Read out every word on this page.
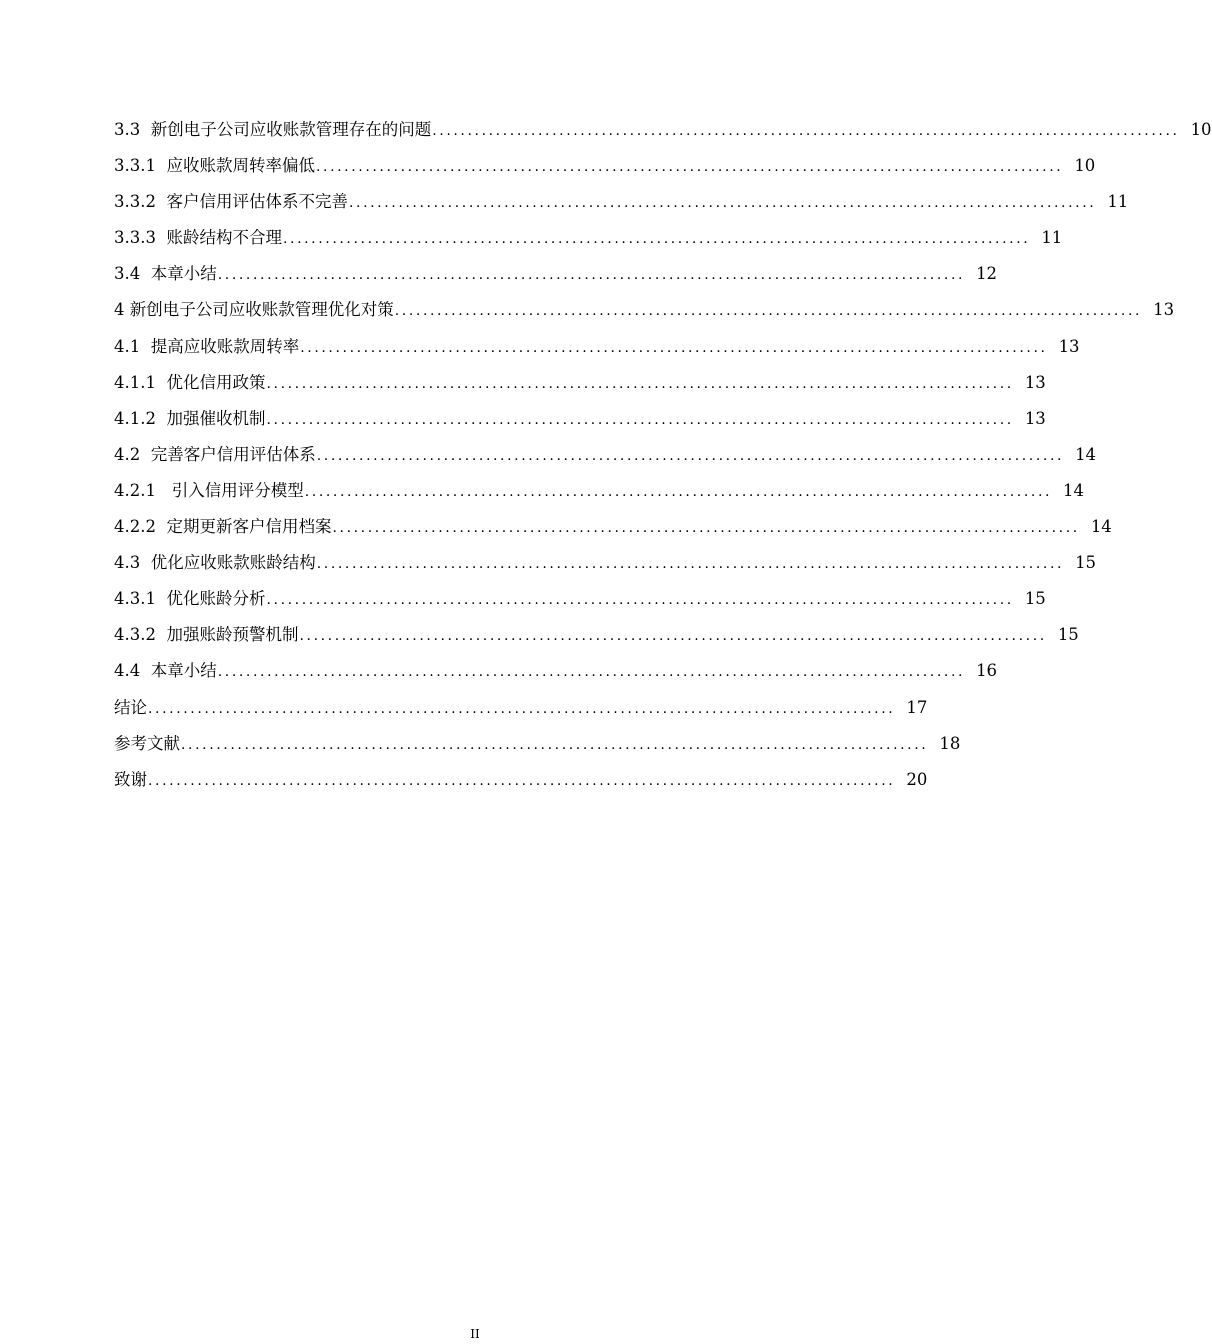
3.3  新创电子公司应收账款管理存在的问题 .......................................................................................................... 10
3.3.1  应收账款周转率偏低 .......................................................................................................... 10
3.3.2  客户信用评估体系不完善 .......................................................................................................... 11
3.3.3  账龄结构不合理 .......................................................................................................... 11
3.4  本章小结 .......................................................................................................... 12
4 新创电子公司应收账款管理优化对策 .......................................................................................................... 13
4.1  提高应收账款周转率 .......................................................................................................... 13
4.1.1  优化信用政策 .......................................................................................................... 13
4.1.2  加强催收机制 .......................................................................................................... 13
4.2  完善客户信用评估体系 .......................................................................................................... 14
4.2.1   引入信用评分模型 .......................................................................................................... 14
4.2.2  定期更新客户信用档案 .......................................................................................................... 14
4.3  优化应收账款账龄结构 .......................................................................................................... 15
4.3.1  优化账龄分析 .......................................................................................................... 15
4.3.2  加强账龄预警机制 .......................................................................................................... 15
4.4  本章小结 .......................................................................................................... 16
结论 .......................................................................................................... 17
参考文献 .......................................................................................................... 18
致谢 .......................................................................................................... 20
II
